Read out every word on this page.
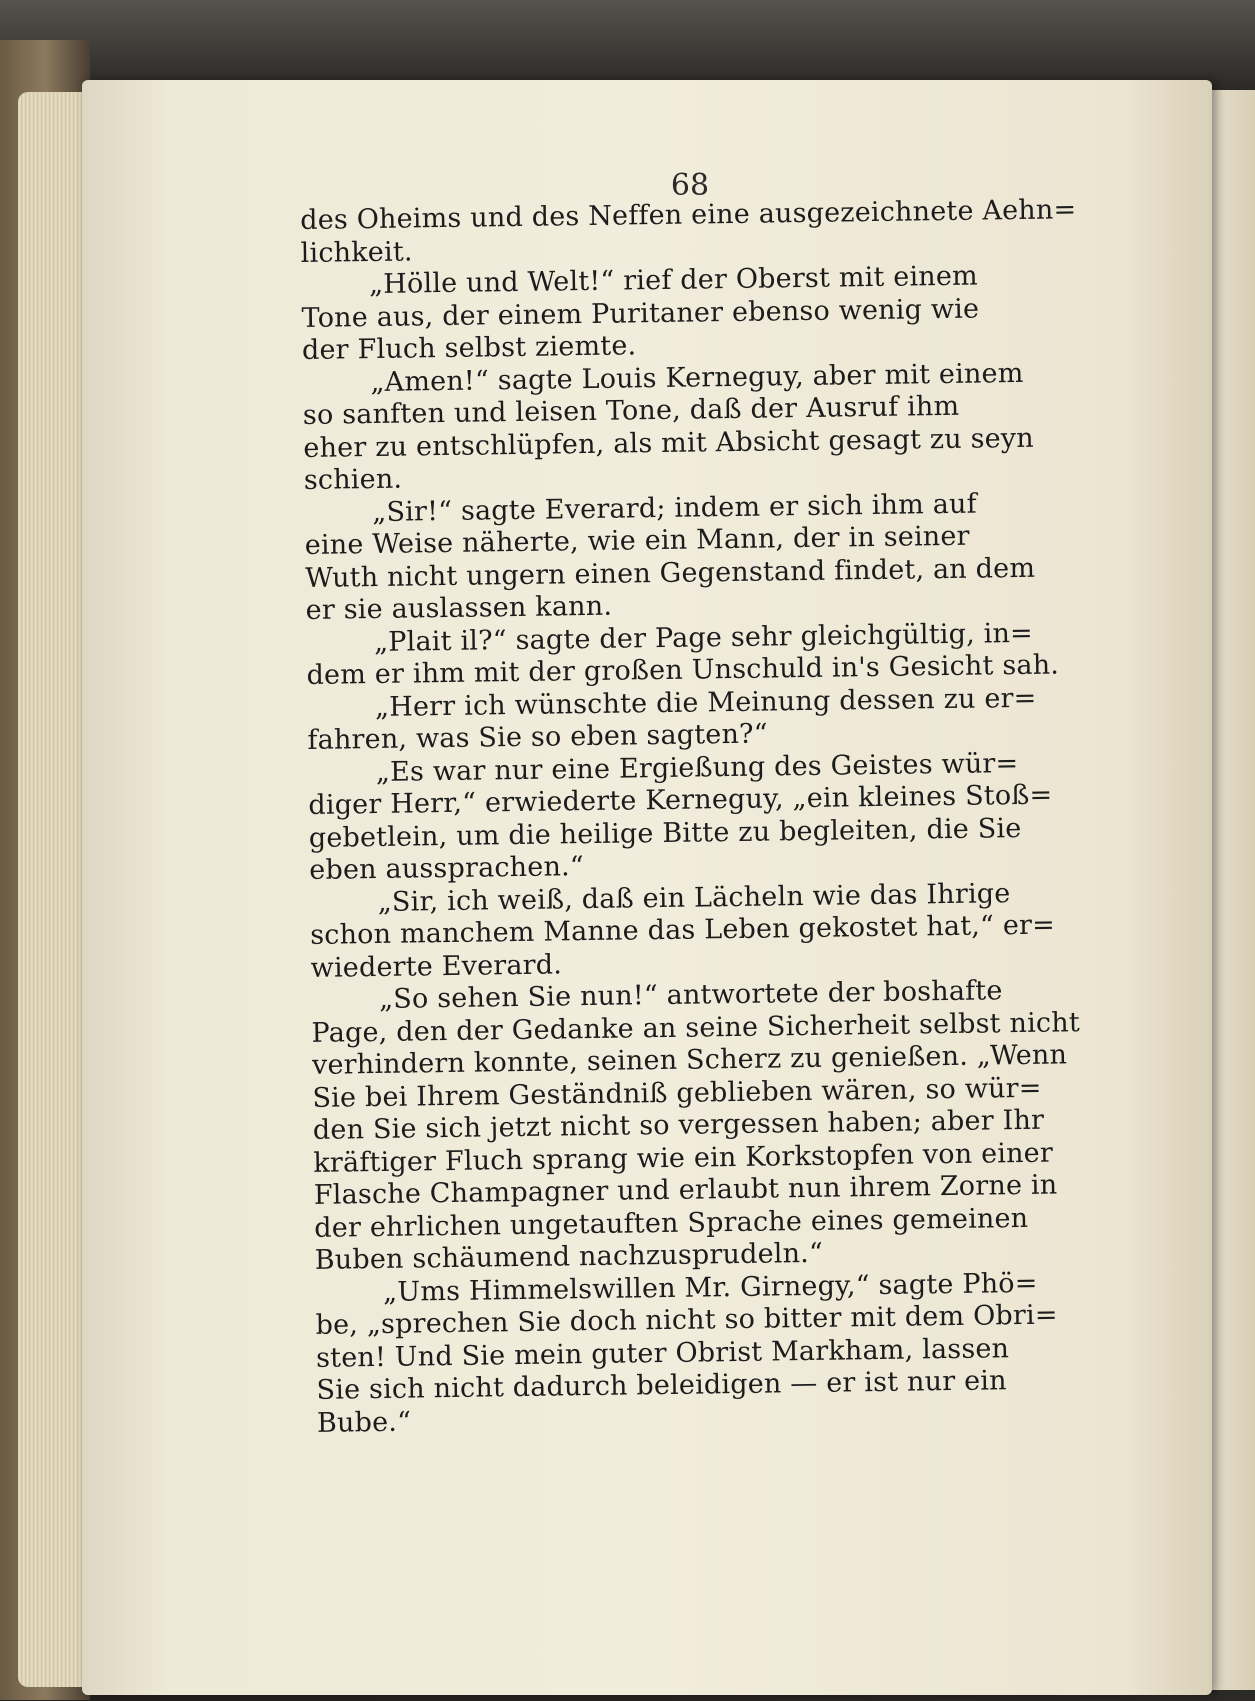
68
des Oheims und des Neffen eine ausgezeichnete Aehn=
lichkeit.
„Hölle und Welt!“ rief der Oberst mit einem
Tone aus, der einem Puritaner ebenso wenig wie
der Fluch selbst ziemte.
„Amen!“ sagte Louis Kerneguy, aber mit einem
so sanften und leisen Tone, daß der Ausruf ihm
eher zu entschlüpfen, als mit Absicht gesagt zu seyn
schien.
„Sir!“ sagte Everard; indem er sich ihm auf
eine Weise näherte, wie ein Mann, der in seiner
Wuth nicht ungern einen Gegenstand findet, an dem
er sie auslassen kann.
„Plait il?“ sagte der Page sehr gleichgültig, in=
dem er ihm mit der großen Unschuld in's Gesicht sah.
„Herr ich wünschte die Meinung dessen zu er=
fahren, was Sie so eben sagten?“
„Es war nur eine Ergießung des Geistes wür=
diger Herr,“ erwiederte Kerneguy, „ein kleines Stoß=
gebetlein, um die heilige Bitte zu begleiten, die Sie
eben aussprachen.“
„Sir, ich weiß, daß ein Lächeln wie das Ihrige
schon manchem Manne das Leben gekostet hat,“ er=
wiederte Everard.
„So sehen Sie nun!“ antwortete der boshafte
Page, den der Gedanke an seine Sicherheit selbst nicht
verhindern konnte, seinen Scherz zu genießen. „Wenn
Sie bei Ihrem Geständniß geblieben wären, so wür=
den Sie sich jetzt nicht so vergessen haben; aber Ihr
kräftiger Fluch sprang wie ein Korkstopfen von einer
Flasche Champagner und erlaubt nun ihrem Zorne in
der ehrlichen ungetauften Sprache eines gemeinen
Buben schäumend nachzusprudeln.“
„Ums Himmelswillen Mr. Girnegy,“ sagte Phö=
be, „sprechen Sie doch nicht so bitter mit dem Obri=
sten! Und Sie mein guter Obrist Markham, lassen
Sie sich nicht dadurch beleidigen — er ist nur ein
Bube.“
